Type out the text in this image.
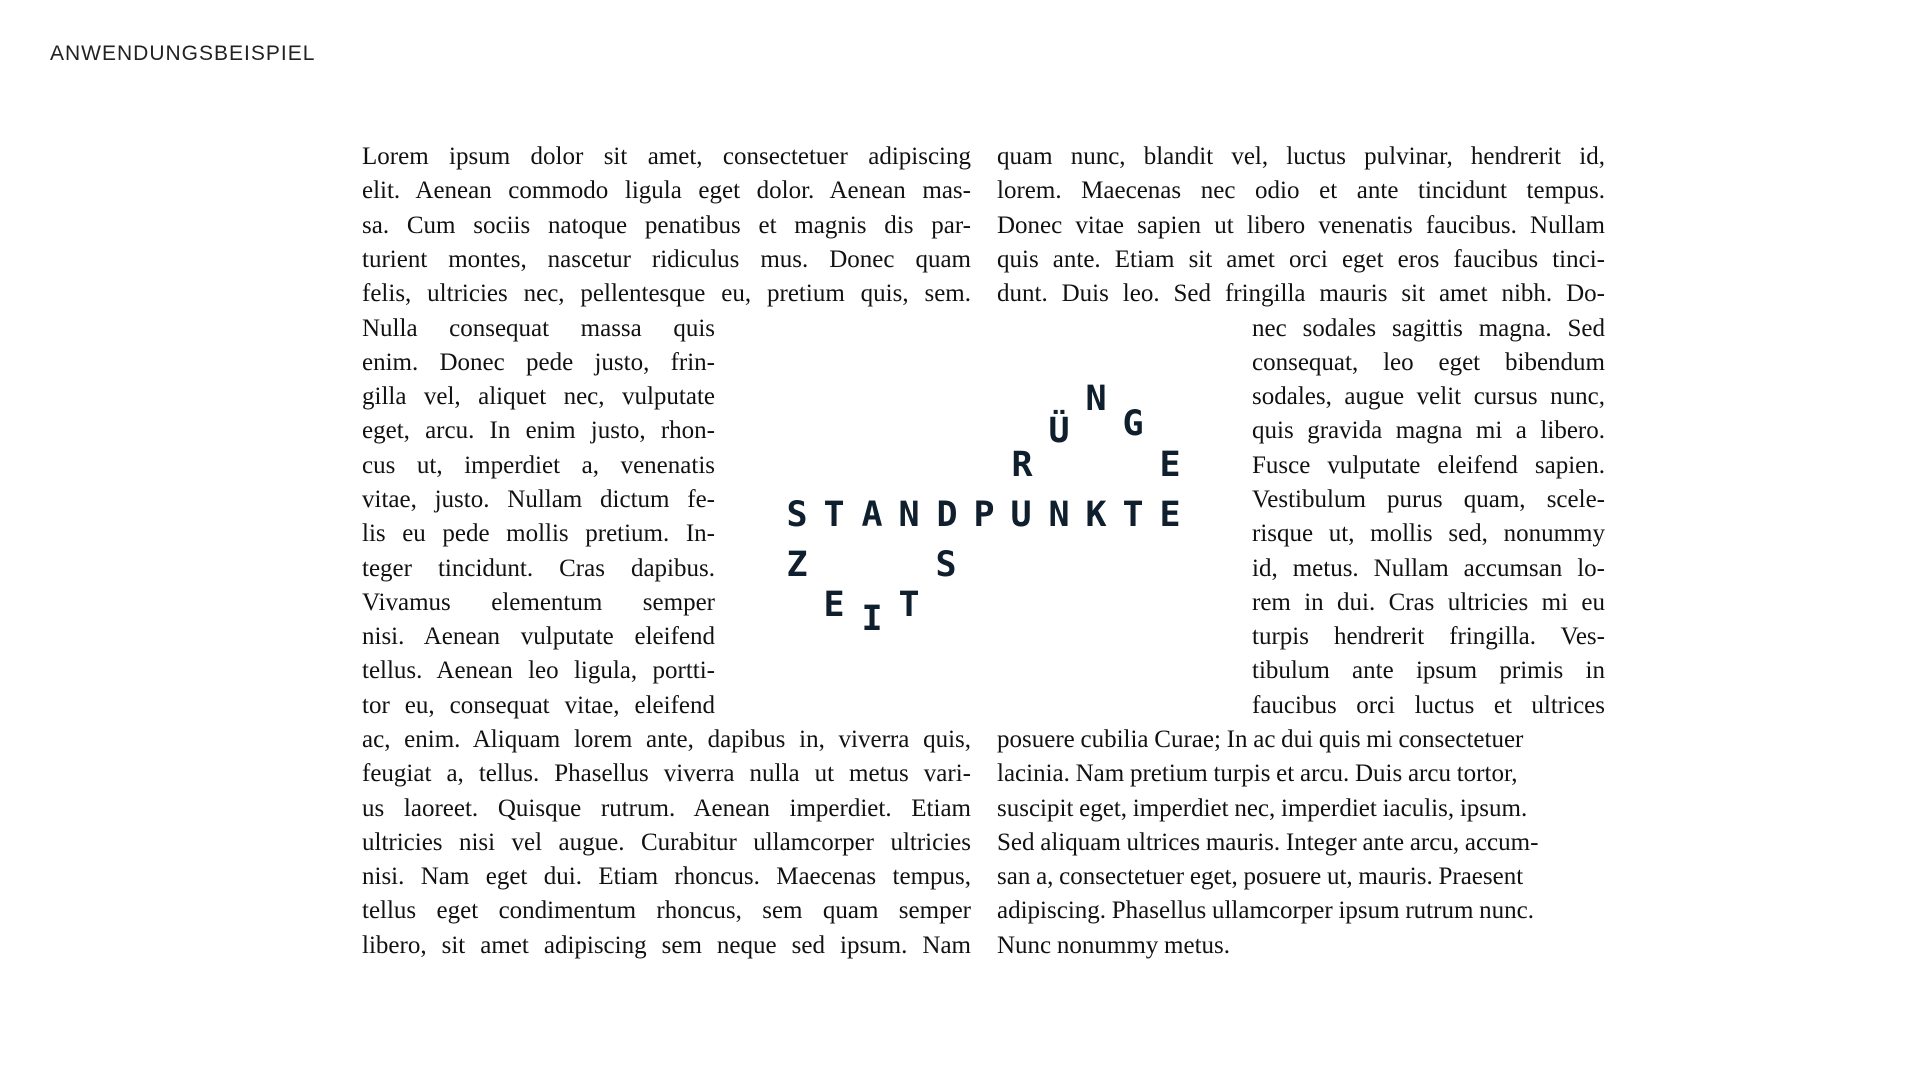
ANWENDUNGSBEISPIEL
Lorem ipsum dolor sit amet, consectetuer adipiscing
elit. Aenean commodo ligula eget dolor. Aenean mas-
sa. Cum sociis natoque penatibus et magnis dis par-
turient montes, nascetur ridiculus mus. Donec quam
felis, ultricies nec, pellentesque eu, pretium quis, sem.
Nulla consequat massa quis
enim. Donec pede justo, frin-
gilla vel, aliquet nec, vulputate
eget, arcu. In enim justo, rhon-
cus ut, imperdiet a, venenatis
vitae, justo. Nullam dictum fe-
lis eu pede mollis pretium. In-
teger tincidunt. Cras dapibus.
Vivamus elementum semper
nisi. Aenean vulputate eleifend
tellus. Aenean leo ligula, portti-
tor eu, consequat vitae, eleifend
ac, enim. Aliquam lorem ante, dapibus in, viverra quis,
feugiat a, tellus. Phasellus viverra nulla ut metus vari-
us laoreet. Quisque rutrum. Aenean imperdiet. Etiam
ultricies nisi vel augue. Curabitur ullamcorper ultricies
nisi. Nam eget dui. Etiam rhoncus. Maecenas tempus,
tellus eget condimentum rhoncus, sem quam semper
libero, sit amet adipiscing sem neque sed ipsum. Nam
quam nunc, blandit vel, luctus pulvinar, hendrerit id,
lorem. Maecenas nec odio et ante tincidunt tempus.
Donec vitae sapien ut libero venenatis faucibus. Nullam
quis ante. Etiam sit amet orci eget eros faucibus tinci-
dunt. Duis leo. Sed fringilla mauris sit amet nibh. Do-
nec sodales sagittis magna. Sed
consequat, leo eget bibendum
sodales, augue velit cursus nunc,
quis gravida magna mi a libero.
Fusce vulputate eleifend sapien.
Vestibulum purus quam, scele-
risque ut, mollis sed, nonummy
id, metus. Nullam accumsan lo-
rem in dui. Cras ultricies mi eu
turpis hendrerit fringilla. Ves-
tibulum ante ipsum primis in
faucibus orci luctus et ultrices
posuere cubilia Curae; In ac dui quis mi consectetuer
lacinia. Nam pretium turpis et arcu. Duis arcu tortor,
suscipit eget, imperdiet nec, imperdiet iaculis, ipsum.
Sed aliquam ultrices mauris. Integer ante arcu, accum-
san a, consectetuer eget, posuere ut, mauris. Praesent
adipiscing. Phasellus ullamcorper ipsum rutrum nunc.
Nunc nonummy metus.
S T A N D P U N K T E
R
Ü
N
G
E
Z
E I T
S
